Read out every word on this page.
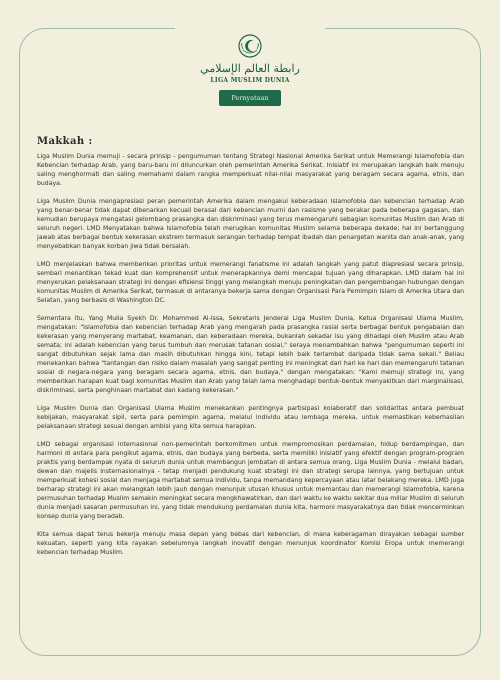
رابطة العالم الإسلامي
LIGA MUSLIM DUNIA
Pernyataan
Makkah :

Liga Muslim Dunia memuji - secara prinsip - pengumuman tentang Strategi Nasional Amerika Serikat untuk Memerangi Islamofobia dan Kebencian terhadap Arab, yang baru-baru ini diluncurkan oleh pemerintah Amerika Serikat. Inisiatif ini merupakan langkah baik menuju saling menghormati dan saling memahami dalam rangka memperkuat nilai-nilai masyarakat yang beragam secara agama, etnis, dan budaya.

Liga Muslim Dunia mengapresiasi peran pemerintah Amerika dalam mengakui keberadaan Islamofobia dan kebencian terhadap Arab yang benar-benar tidak dapat dibenarkan kecuali berasal dari kebencian murni dan rasisme yang berakar pada beberapa gagasan, dan kemudian berupaya mengatasi gelombang prasangka dan diskriminasi yang terus memengaruhi sebagian komunitas Muslim dan Arab di seluruh negeri. LMD Menyatakan bahwa Islamofobia telah merugikan komunitas Muslim selama beberapa dekade; hal ini bertanggung jawab atas berbagai bentuk kekerasan ekstrem termasuk serangan terhadap tempat ibadah dan penargetan wanita dan anak-anak, yang menyebabkan banyak korban jiwa tidak bersalah.

LMD menjelaskan bahwa memberikan prioritas untuk memerangi fanatisme ini adalah langkah yang patut diapresiasi secara prinsip, sembari menantikan tekad kuat dan komprehensif untuk menerapkannya demi mencapai tujuan yang diharapkan. LMD dalam hal ini menyerukan pelaksanaan strategi ini dengan efisiensi tinggi yang melangkah menuju peningkatan dan pengembangan hubungan dengan komunitas Muslim di Amerika Serikat, termasuk di antaranya bekerja sama dengan Organisasi Para Pemimpin Islam di Amerika Utara dan Selatan, yang berbasis di Washington DC.

Sementara itu, Yang Mulia Syekh Dr. Mohammed Al-Issa, Sekretaris Jenderal Liga Muslim Dunia, Ketua Organisasi Ulama Muslim, mengatakan: "Islamofobia dan kebencian terhadap Arab yang mengarah pada prasangka rasial serta berbagai bentuk pengabaian dan kekerasan yang menyerang martabat, keamanan, dan keberadaan mereka, bukanlah sekadar isu yang dihadapi oleh Muslim atau Arab semata; ini adalah kebencian yang terus tumbuh dan merusak tatanan sosial," seraya menambahkan bahwa "pengumuman seperti ini sangat dibutuhkan sejak lama dan masih dibutuhkan hingga kini, tetapi lebih baik terlambat daripada tidak sama sekali." Beliau menekankan bahwa "tantangan dan risiko dalam masalah yang sangat penting ini meningkat dari hari ke hari dan memengaruhi tatanan sosial di negara-negara yang beragam secara agama, etnis, dan budaya," dengan mengatakan: "Kami memuji strategi ini, yang memberikan harapan kuat bagi komunitas Muslim dan Arab yang telah lama menghadapi bentuk-bentuk menyakitkan dari marginalisasi, diskriminasi, serta penghinaan martabat dan kadang kekerasan."

Liga Muslim Dunia dan Organisasi Ulama Muslim menekankan pentingnya partisipasi kolaboratif dan solidaritas antara pembuat kebijakan, masyarakat sipil, serta para pemimpin agama, melalui individu atau lembaga mereka, untuk memastikan keberhasilan pelaksanaan strategi sesuai dengan ambisi yang kita semua harapkan.

LMD sebagai organisasi internasional non-pemerintah berkomitmen untuk mempromosikan perdamaian, hidup berdampingan, dan harmoni di antara para pengikut agama, etnis, dan budaya yang berbeda, serta memiliki inisiatif yang efektif dengan program-program praktis yang berdampak nyata di seluruh dunia untuk membangun jembatan di antara semua orang, Liga Muslim Dunia - melalui badan, dewan dan majelis insternasionalnya - tetap menjadi pendukung kuat strategi ini dan strategi serupa lainnya, yang bertujuan untuk memperkuat kohesi sosial dan menjaga martabat semua individu, tanpa memandang kepercayaan atau latar belakang mereka. LMD juga berharap strategi ini akan melangkah lebih jauh dengan menunjuk utusan khusus untuk memantau dan memerangi Islamofobia, karena permusuhan terhadap Muslim semakin meningkat secara mengkhawatirkan, dan dari waktu ke waktu sekitar dua miliar Muslim di seluruh dunia menjadi sasaran permusuhan ini, yang tidak mendukung perdamaian dunia kita, harmoni masyarakatnya dan tidak mencerminkan konsep dunia yang beradab.

Kita semua dapat terus bekerja menuju masa depan yang bebas dari kebencian, di mana keberagaman dirayakan sebagai sumber kekuatan, seperti yang kita rayakan sebelumnya langkah inovatif dengan menunjuk koordinator Komisi Eropa untuk memerangi kebencian terhadap Muslim.
